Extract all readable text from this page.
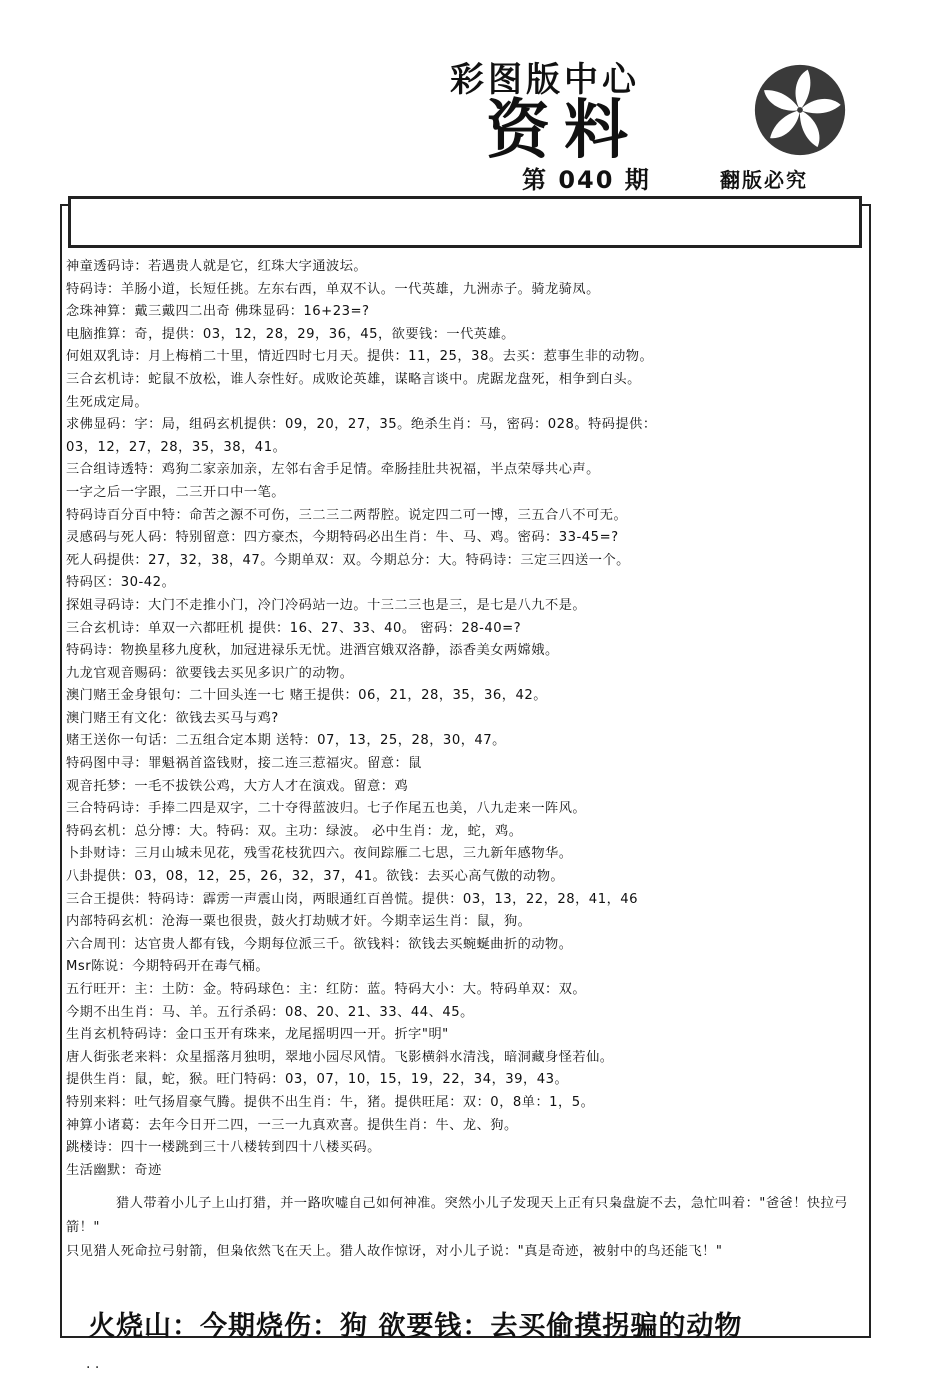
彩图版中心
资料
第 040 期	翻版必究
神童透码诗：若遇贵人就是它，红珠大字通波坛。
特码诗：羊肠小道，长短任挑。左东右西，单双不认。一代英雄，九洲赤子。骑龙骑凤。
念珠神算：戴三戴四二出奇 佛珠显码：16+23=?
电脑推算：奇，提供：03，12，28，29，36，45，欲要钱：一代英雄。
何姐双乳诗：月上梅梢二十里，情近四时七月天。提供：11，25，38。去买：惹事生非的动物。
三合玄机诗：蛇鼠不放松，谁人奈性好。成败论英雄，谋略言谈中。虎踞龙盘死，相争到白头。
生死成定局。
求佛显码：字：局，组码玄机提供：09，20，27，35。绝杀生肖：马，密码：028。特码提供：
03，12，27，28，35，38，41。
三合组诗透特：鸡狗二家亲加亲，左邻右舍手足情。牵肠挂肚共祝福，半点荣辱共心声。
一字之后一字跟，二三开口中一笔。
特码诗百分百中特：命苦之源不可伤，三二三二两帮腔。说定四二可一博，三五合八不可无。
灵感码与死人码：特别留意：四方豪杰，今期特码必出生肖：牛、马、鸡。密码：33-45=?
死人码提供：27，32，38，47。今期单双：双。今期总分：大。特码诗：三定三四送一个。
特码区：30-42。
探姐寻码诗：大门不走推小门，冷门冷码站一边。十三二三也是三，是七是八九不是。
三合玄机诗：单双一六都旺机 提供：16、27、33、40。 密码：28-40=?
特码诗：物换星移九度秋，加冠进禄乐无忧。进酒宫娥双洛静，添香美女两嫦娥。
九龙官观音赐码：欲要钱去买见多识广的动物。
澳门赌王金身银句：二十回头连一七 赌王提供：06，21，28，35，36，42。
澳门赌王有文化：欲钱去买马与鸡?
赌王送你一句话：二五组合定本期 送特：07，13，25，28，30，47。
特码图中寻：罪魁祸首盗钱财，接二连三惹福灾。留意：鼠
观音托梦：一毛不拔铁公鸡，大方人才在演戏。留意：鸡
三合特码诗：手捧二四是双字，二十夺得蓝波归。七子作尾五也美，八九走来一阵风。
特码玄机：总分博：大。特码：双。主功：绿波。 必中生肖：龙，蛇，鸡。
卜卦财诗：三月山城未见花，残雪花枝犹四六。夜间踪雁二七思，三九新年感物华。
八卦提供：03，08，12，25，26，32，37，41。欲钱：去买心高气傲的动物。
三合王提供：特码诗：霹雳一声震山岗，两眼通红百兽慌。提供：03，13，22，28，41，46
内部特码玄机：沧海一粟也很贵，鼓火打劫贼才奸。今期幸运生肖：鼠，狗。
六合周刊：达官贵人都有钱，今期每位派三千。欲钱料：欲钱去买蜿蜒曲折的动物。
Msr陈说：今期特码开在毒气桶。
五行旺开：主：土防：金。特码球色：主：红防：蓝。特码大小：大。特码单双：双。
今期不出生肖：马、羊。五行杀码：08、20、21、33、44、45。
生肖玄机特码诗：金口玉开有珠来，龙尾摇明四一开。折字"明"
唐人街张老来料：众星摇落月独明，翠地小园尽风情。飞影横斜水清浅，暗洞藏身怪若仙。
提供生肖：鼠，蛇，猴。旺门特码：03，07，10，15，19，22，34，39，43。
特别来料：吐气扬眉豪气腾。提供不出生肖：牛，猪。提供旺尾：双：0，8单：1，5。
神算小诸葛：去年今日开二四，一三一九真欢喜。提供生肖：牛、龙、狗。
跳楼诗：四十一楼跳到三十八楼转到四十八楼买码。
生活幽默：奇迹

猎人带着小儿子上山打猎，并一路吹嘘自己如何神准。突然小儿子发现天上正有只枭盘旋不去，急忙叫着："爸爸！快拉弓箭！"

只见猎人死命拉弓射箭，但枭依然飞在天上。猎人故作惊讶，对小儿子说："真是奇迹，被射中的鸟还能飞！"

火烧山：今期烧伤：狗 欲要钱：去买偷摸拐骗的动物
. .
